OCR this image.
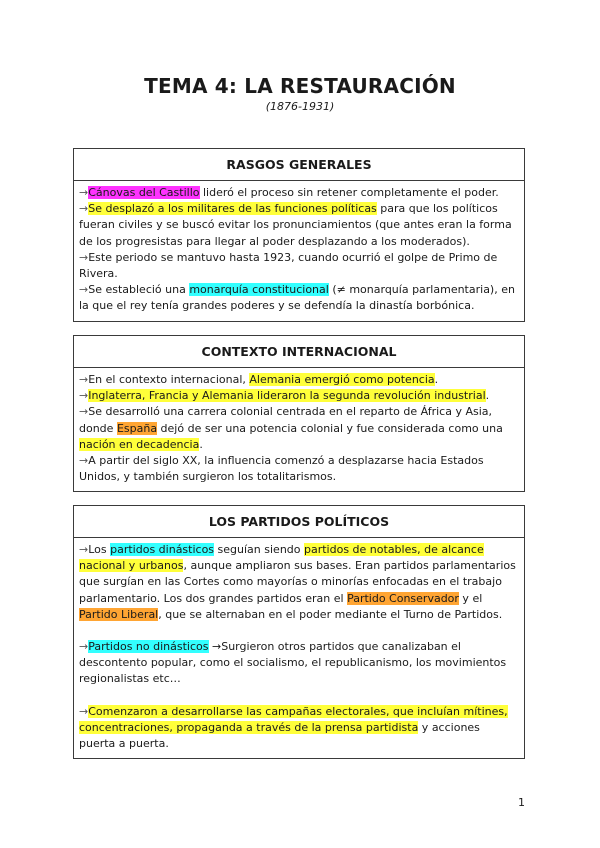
TEMA 4: LA RESTAURACIÓN
(1876-1931)
RASGOS GENERALES

→Cánovas del Castillo lideró el proceso sin retener completamente el poder.

→Se desplazó a los militares de las funciones políticas para que los políticos fueran civiles y se buscó evitar los pronunciamientos (que antes eran la forma de los progresistas para llegar al poder desplazando a los moderados).

→Este periodo se mantuvo hasta 1923, cuando ocurrió el golpe de Primo de Rivera.

→Se estableció una monarquía constitucional (≠ monarquía parlamentaria), en la que el rey tenía grandes poderes y se defendía la dinastía borbónica.

CONTEXTO INTERNACIONAL

→En el contexto internacional, Alemania emergió como potencia.

→Inglaterra, Francia y Alemania lideraron la segunda revolución industrial.

→Se desarrolló una carrera colonial centrada en el reparto de África y Asia, donde España dejó de ser una potencia colonial y fue considerada como una nación en decadencia.

→A partir del siglo XX, la influencia comenzó a desplazarse hacia Estados Unidos, y también surgieron los totalitarismos.

LOS PARTIDOS POLÍTICOS

→Los partidos dinásticos seguían siendo partidos de notables, de alcance nacional y urbanos, aunque ampliaron sus bases. Eran partidos parlamentarios que surgían en las Cortes como mayorías o minorías enfocadas en el trabajo parlamentario. Los dos grandes partidos eran el Partido Conservador y el Partido Liberal, que se alternaban en el poder mediante el Turno de Partidos.

→Partidos no dinásticos →Surgieron otros partidos que canalizaban el descontento popular, como el socialismo, el republicanismo, los movimientos regionalistas etc…

→Comenzaron a desarrollarse las campañas electorales, que incluían mítines, concentraciones, propaganda a través de la prensa partidista y acciones puerta a puerta.

1
